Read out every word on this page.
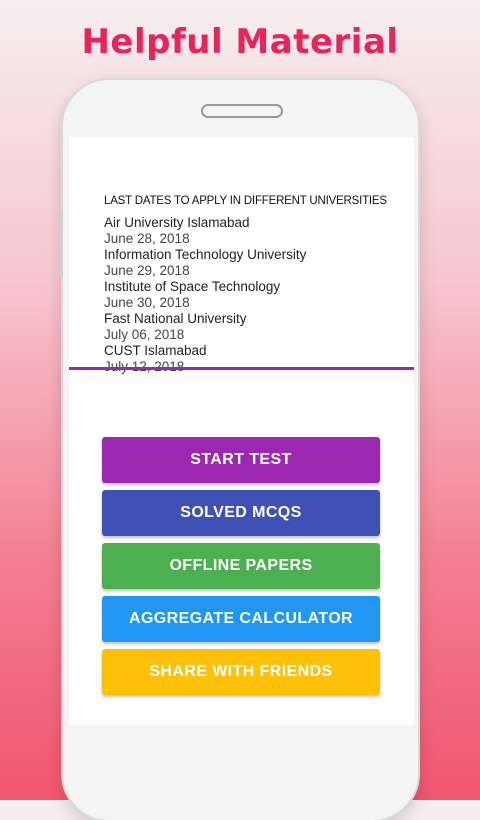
Helpful Material
LAST DATES TO APPLY IN DIFFERENT UNIVERSITIES
Air University Islamabad
June 28, 2018
Information Technology University
June 29, 2018
Institute of Space Technology
June 30, 2018
Fast National University
July 06, 2018
CUST Islamabad
START TEST
SOLVED MCQS
OFFLINE PAPERS
AGGREGATE CALCULATOR
SHARE WITH FRIENDS
